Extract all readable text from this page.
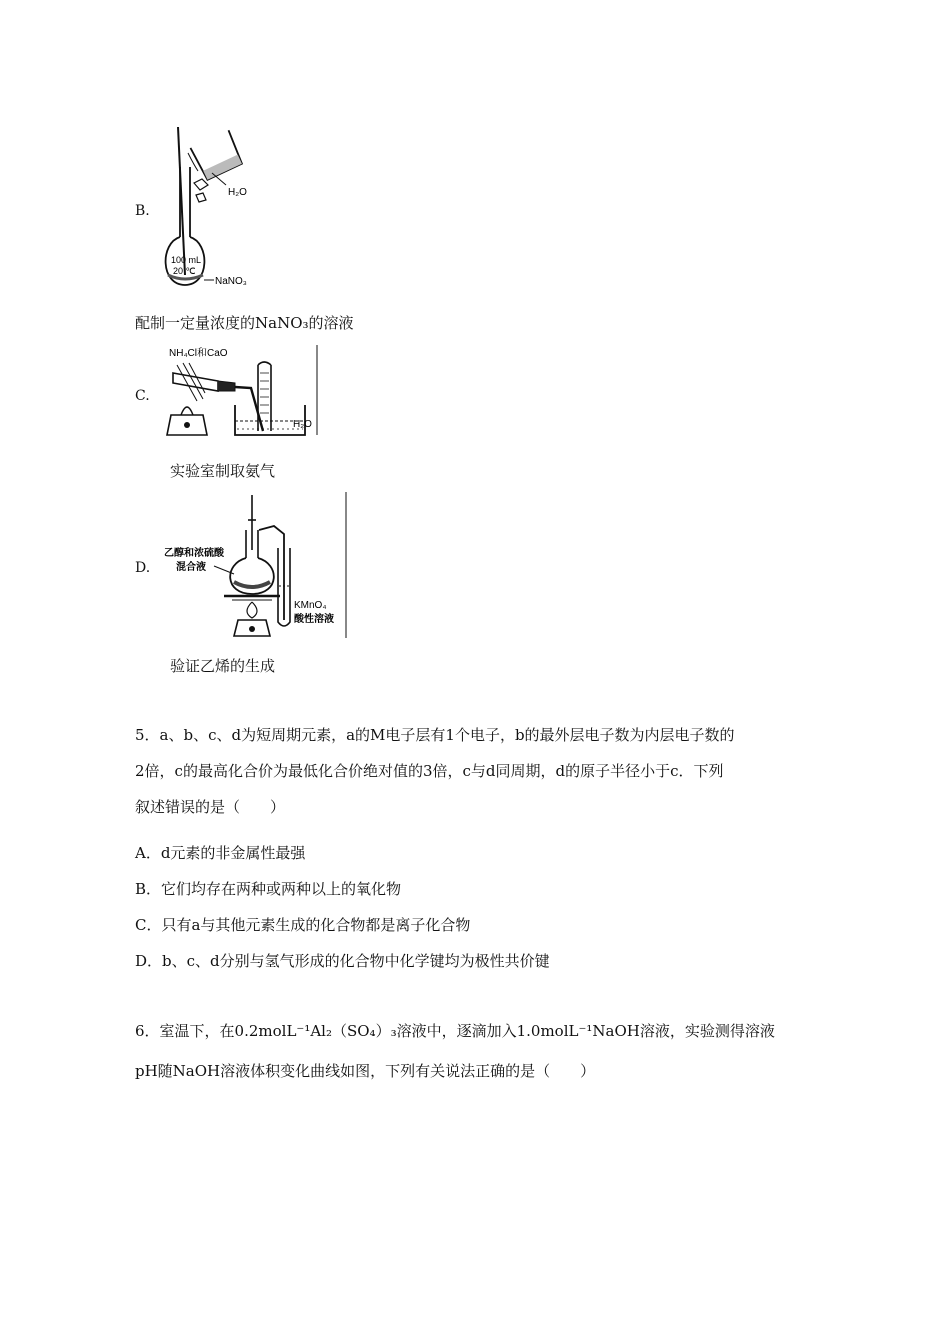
B.
H₂O
100 mL
20 ℃
NaNO₃
配制一定量浓度的NaNO₃的溶液
C.
NH₄Cl和CaO
H₂O
实验室制取氨气
D.
乙醇和浓硫酸
混合液
KMnO₄
酸性溶液
验证乙烯的生成
5．a、b、c、d为短周期元素，a的M电子层有1个电子，b的最外层电子数为内层电子数的
2倍，c的最高化合价为最低化合价绝对值的3倍，c与d同周期，d的原子半径小于c．下列
叙述错误的是（　　）
A．d元素的非金属性最强
B．它们均存在两种或两种以上的氧化物
C．只有a与其他元素生成的化合物都是离子化合物
D．b、c、d分别与氢气形成的化合物中化学键均为极性共价键
6．室温下，在0.2molL⁻¹Al₂（SO₄）₃溶液中，逐滴加入1.0molL⁻¹NaOH溶液，实验测得溶液
pH随NaOH溶液体积变化曲线如图，下列有关说法正确的是（　　）
